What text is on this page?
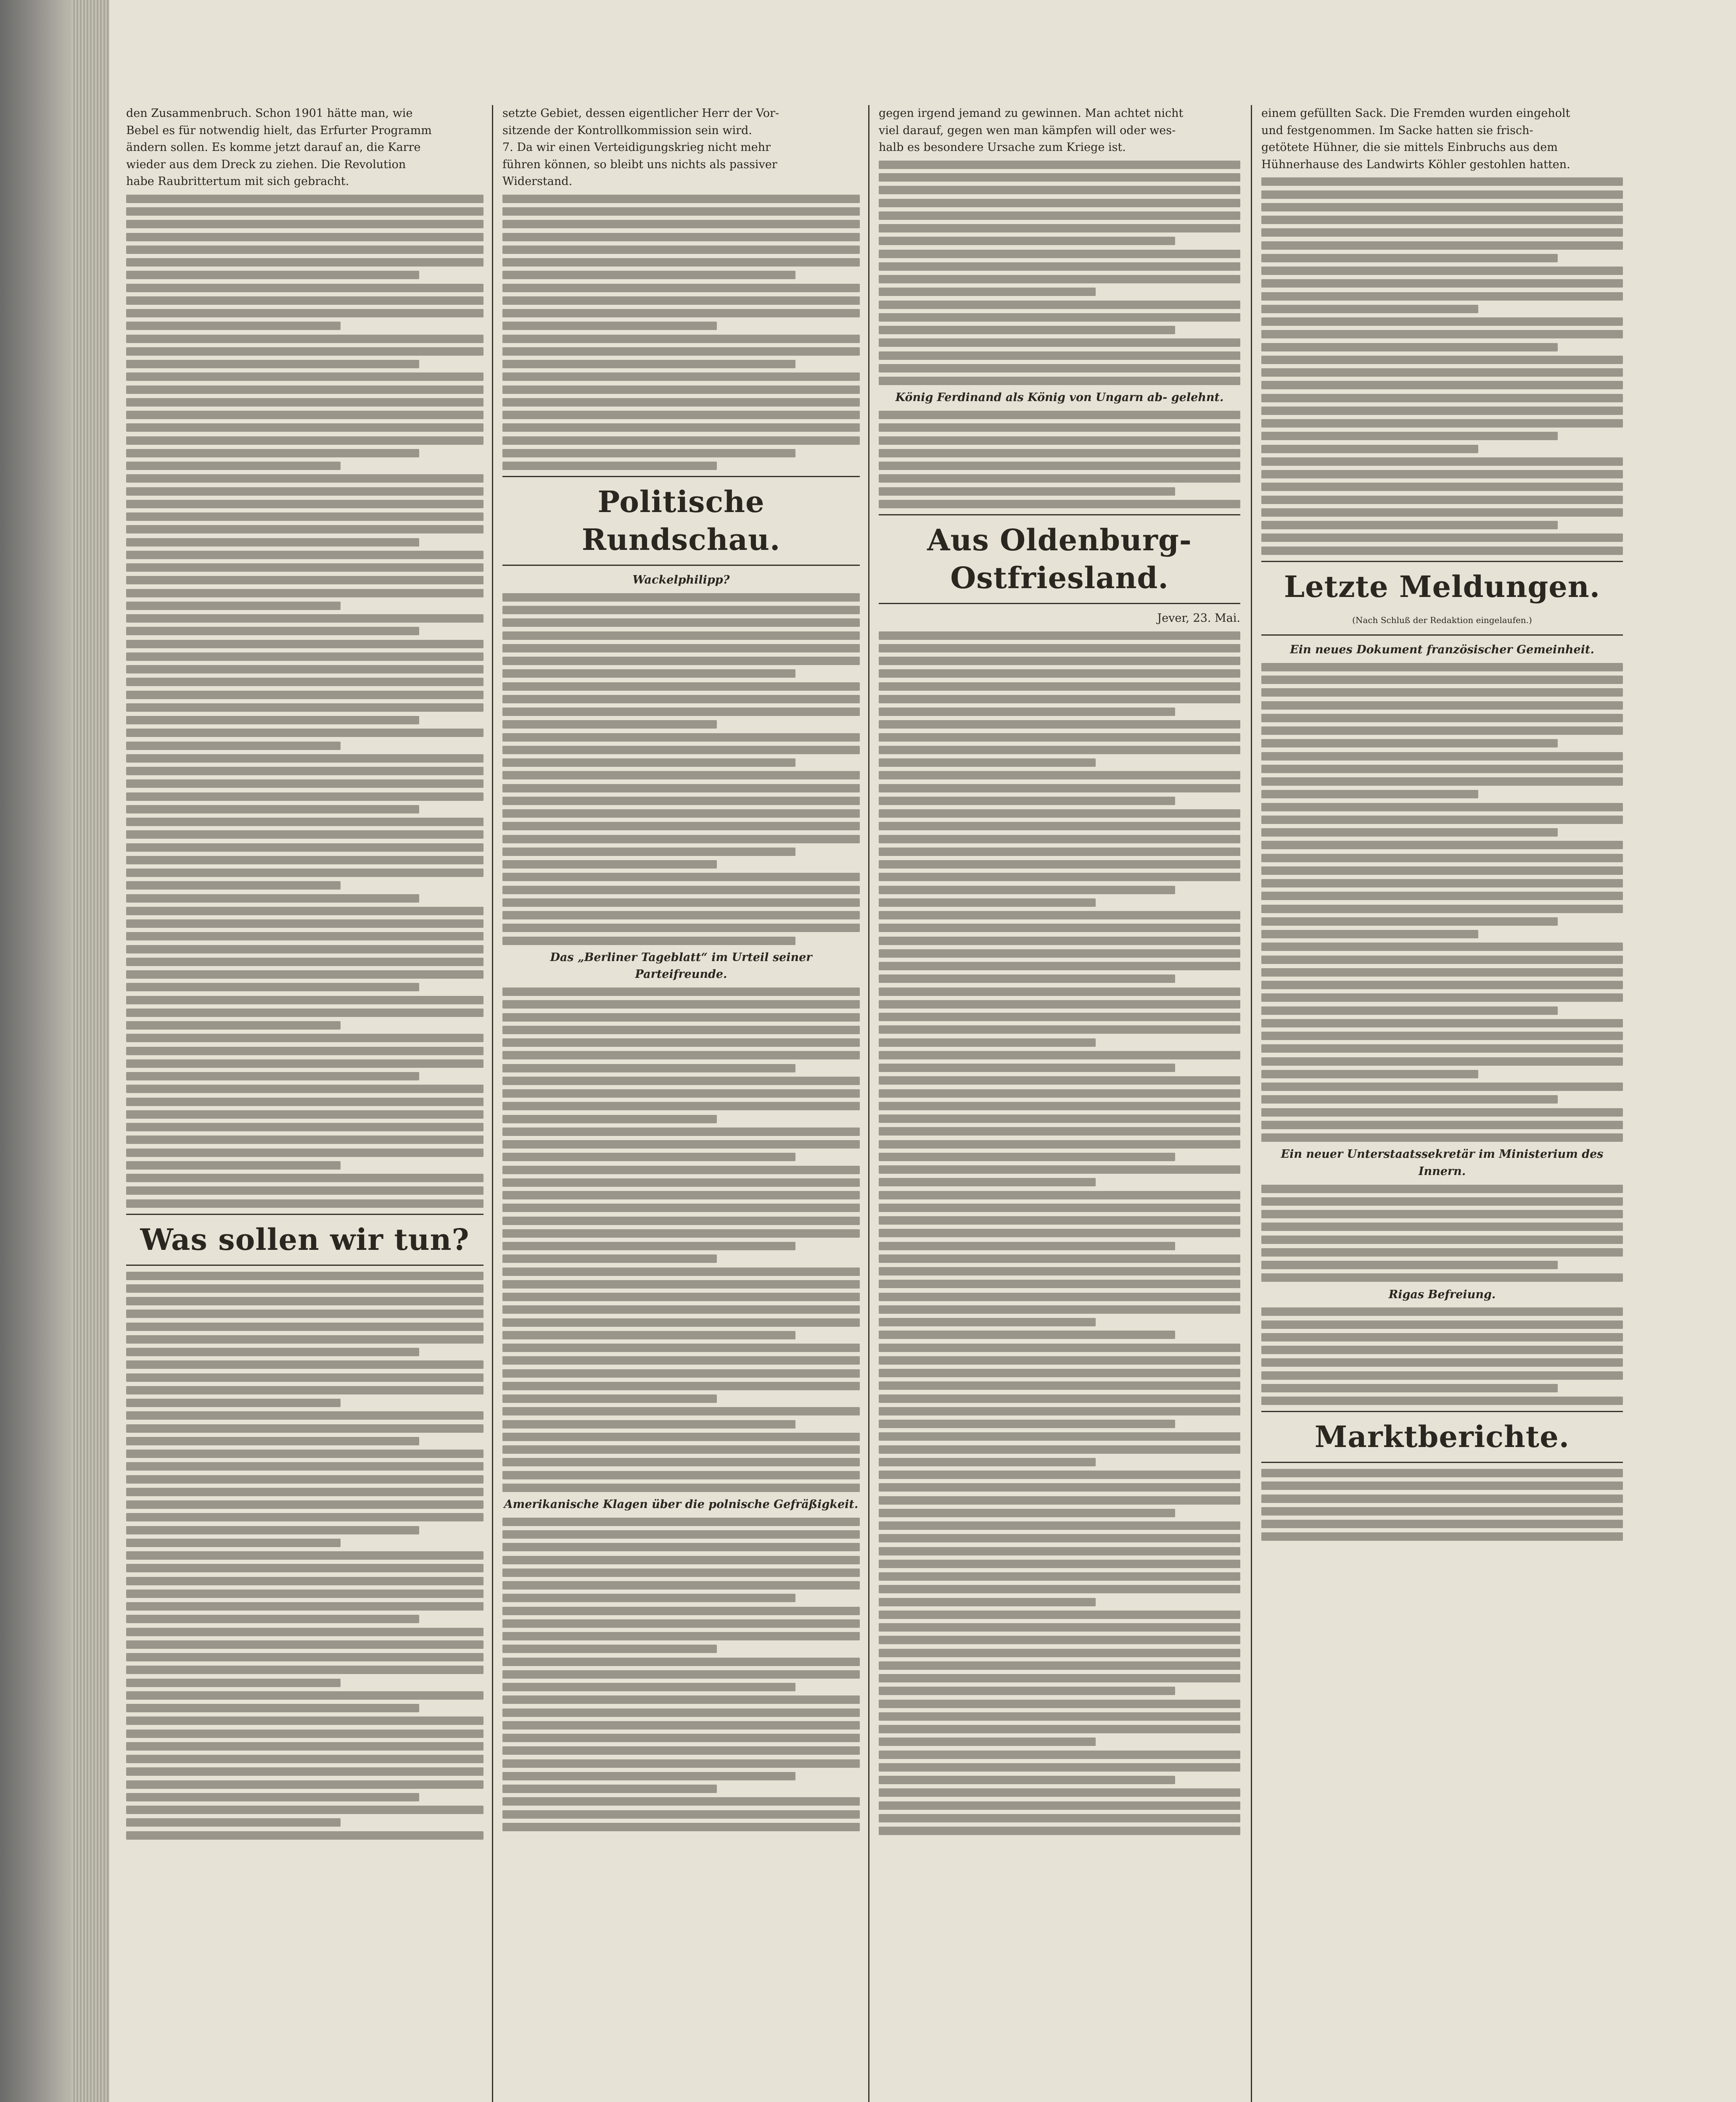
den Zusammenbruch. Schon 1901 hätte man, wie
Bebel es für notwendig hielt, das Erfurter Programm
ändern sollen. Es komme jetzt darauf an, die Karre
wieder aus dem Dreck zu ziehen. Die Revolution
habe Raubrittertum mit sich gebracht.
Was sollen wir tun?
setzte Gebiet, dessen eigentlicher Herr der Vor-
sitzende der Kontrollkommission sein wird.
7. Da wir einen Verteidigungskrieg nicht mehr
führen können, so bleibt uns nichts als passiver
Widerstand.
Politische Rundschau.
Wackelphilipp?
Das „Berliner Tageblatt“ im Urteil seiner Parteifreunde.
Amerikanische Klagen über die polnische Gefräßigkeit.
gegen irgend jemand zu gewinnen. Man achtet nicht
viel darauf, gegen wen man kämpfen will oder wes-
halb es besondere Ursache zum Kriege ist.
König Ferdinand als König von Ungarn ab- gelehnt.
Aus Oldenburg-Ostfriesland.
Jever, 23. Mai.
einem gefüllten Sack. Die Fremden wurden eingeholt
und festgenommen. Im Sacke hatten sie frisch-
getötete Hühner, die sie mittels Einbruchs aus dem
Hühnerhause des Landwirts Köhler gestohlen hatten.
Letzte Meldungen.
(Nach Schluß der Redaktion eingelaufen.)
Ein neues Dokument französischer Gemeinheit.
Ein neuer Unterstaatssekretär im Ministerium des Innern.
Rigas Befreiung.
Marktberichte.
